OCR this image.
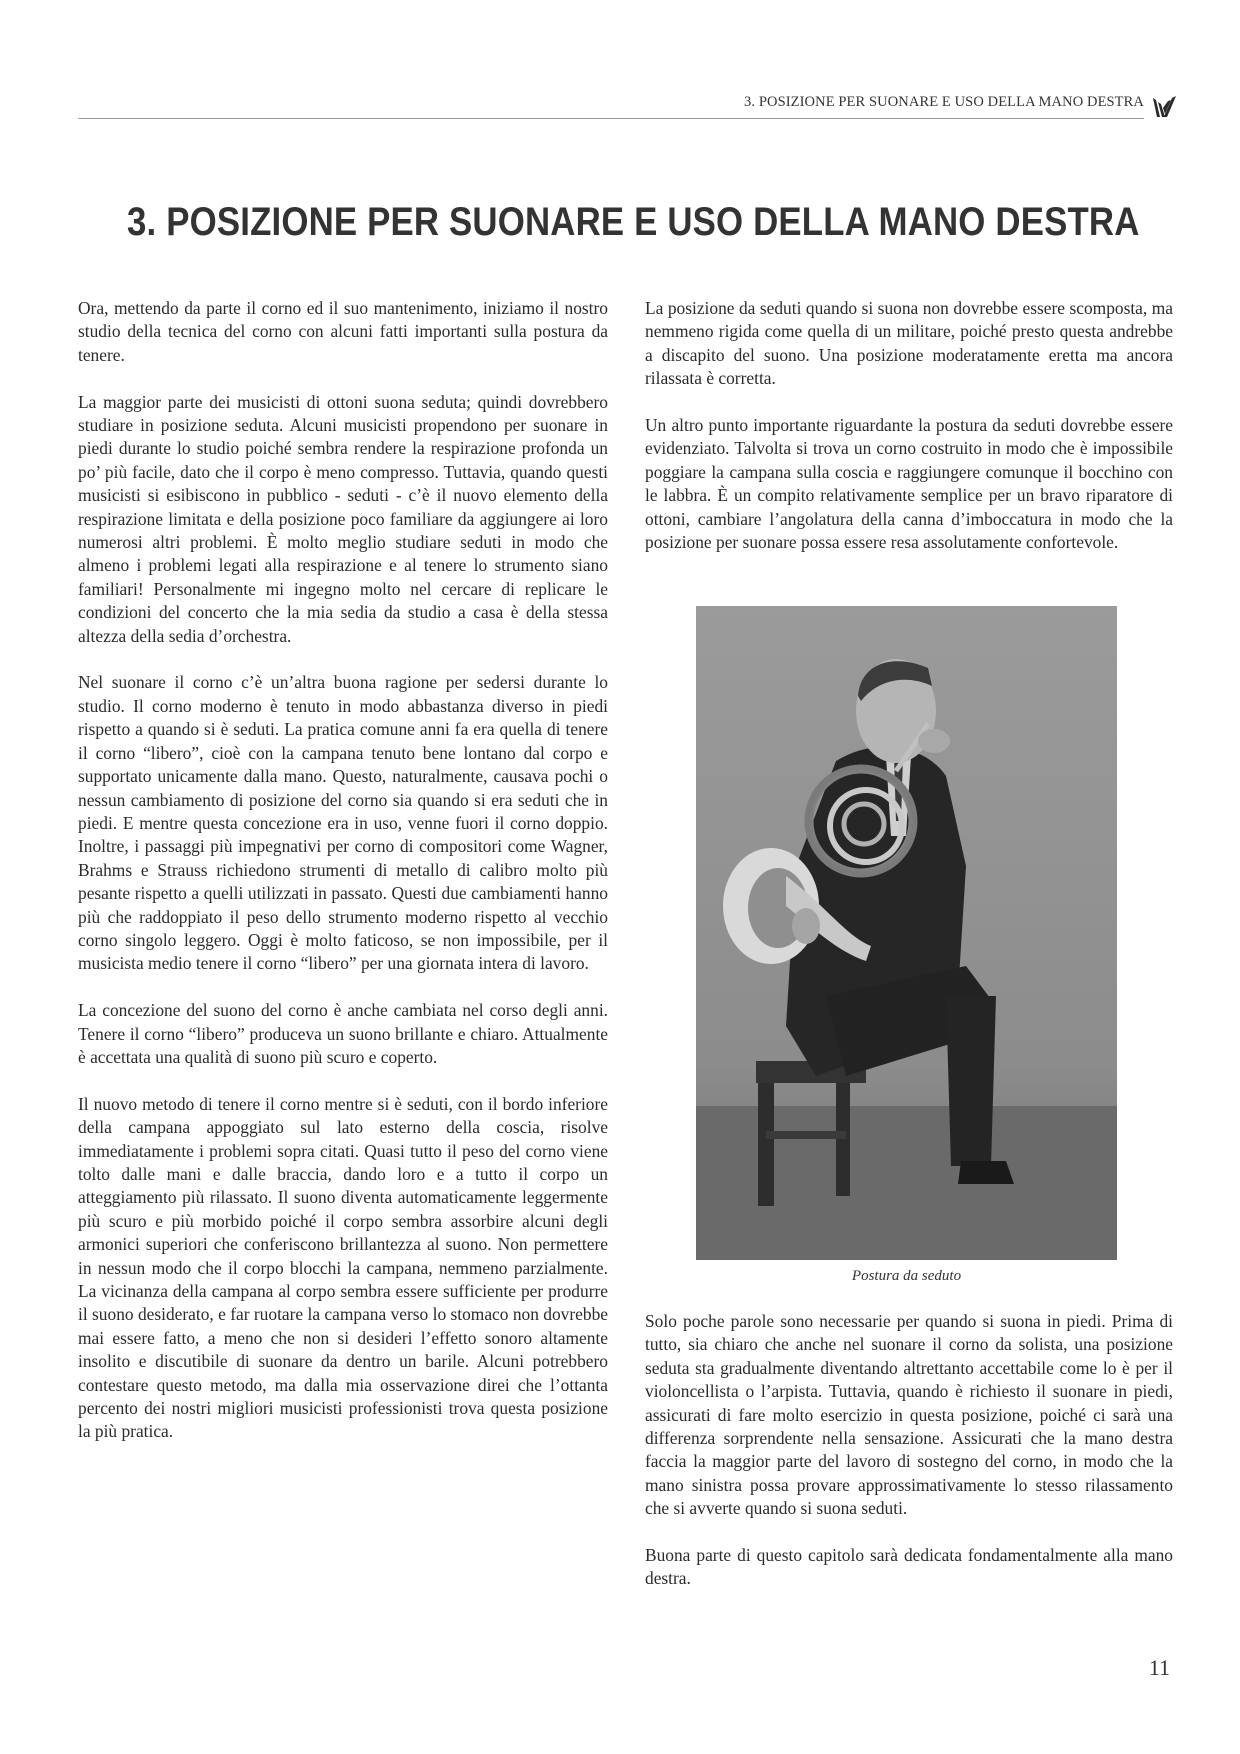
3. POSIZIONE PER SUONARE E USO DELLA MANO DESTRA
3. POSIZIONE PER SUONARE E USO DELLA MANO DESTRA

Ora, mettendo da parte il corno ed il suo mantenimento, iniziamo il nostro studio della tecnica del corno con alcuni fatti importanti sulla postura da tenere.

La maggior parte dei musicisti di ottoni suona seduta; quindi dovrebbero studiare in posizione seduta. Alcuni musicisti propendono per suonare in piedi durante lo studio poiché sembra rendere la respirazione profonda un po’ più facile, dato che il corpo è meno compresso. Tuttavia, quando questi musicisti si esibiscono in pubblico - seduti - c’è il nuovo elemento della respirazione limitata e della posizione poco familiare da aggiungere ai loro numerosi altri problemi. È molto meglio studiare seduti in modo che almeno i problemi legati alla respirazione e al tenere lo strumento siano familiari! Personalmente mi ingegno molto nel cercare di replicare le condizioni del concerto che la mia sedia da studio a casa è della stessa altezza della sedia d’orchestra.

Nel suonare il corno c’è un’altra buona ragione per sedersi durante lo studio. Il corno moderno è tenuto in modo abbastanza diverso in piedi rispetto a quando si è seduti. La pratica comune anni fa era quella di tenere il corno “libero”, cioè con la campana tenuto bene lontano dal corpo e supportato unicamente dalla mano. Questo, naturalmente, causava pochi o nessun cambiamento di posizione del corno sia quando si era seduti che in piedi. E mentre questa concezione era in uso, venne fuori il corno doppio. Inoltre, i passaggi più impegnativi per corno di compositori come Wagner, Brahms e Strauss richiedono strumenti di metallo di calibro molto più pesante rispetto a quelli utilizzati in passato. Questi due cambiamenti hanno più che raddoppiato il peso dello strumento moderno rispetto al vecchio corno singolo leggero. Oggi è molto faticoso, se non impossibile, per il musicista medio tenere il corno “libero” per una giornata intera di lavoro.

La concezione del suono del corno è anche cambiata nel corso degli anni. Tenere il corno “libero” produceva un suono brillante e chiaro. Attualmente è accettata una qualità di suono più scuro e coperto.

Il nuovo metodo di tenere il corno mentre si è seduti, con il bordo inferiore della campana appoggiato sul lato esterno della coscia, risolve immediatamente i problemi sopra citati. Quasi tutto il peso del corno viene tolto dalle mani e dalle braccia, dando loro e a tutto il corpo un atteggiamento più rilassato. Il suono diventa automaticamente leggermente più scuro e più morbido poiché il corpo sembra assorbire alcuni degli armonici superiori che conferiscono brillantezza al suono. Non permettere in nessun modo che il corpo blocchi la campana, nemmeno parzialmente. La vicinanza della campana al corpo sembra essere sufficiente per produrre il suono desiderato, e far ruotare la campana verso lo stomaco non dovrebbe mai essere fatto, a meno che non si desideri l’effetto sonoro altamente insolito e discutibile di suonare da dentro un barile. Alcuni potrebbero contestare questo metodo, ma dalla mia osservazione direi che l’ottanta percento dei nostri migliori musicisti professionisti trova questa posizione la più pratica.

La posizione da seduti quando si suona non dovrebbe essere scomposta, ma nemmeno rigida come quella di un militare, poiché presto questa andrebbe a discapito del suono. Una posizione moderatamente eretta ma ancora rilassata è corretta.

Un altro punto importante riguardante la postura da seduti dovrebbe essere evidenziato. Talvolta si trova un corno costruito in modo che è impossibile poggiare la campana sulla coscia e raggiungere comunque il bocchino con le labbra. È un compito relativamente semplice per un bravo riparatore di ottoni, cambiare l’angolatura della canna d’imboccatura in modo che la posizione per suonare possa essere resa assolutamente confortevole.

Postura da seduto

Solo poche parole sono necessarie per quando si suona in piedi. Prima di tutto, sia chiaro che anche nel suonare il corno da solista, una posizione seduta sta gradualmente diventando altrettanto accettabile come lo è per il violoncellista o l’arpista. Tuttavia, quando è richiesto il suonare in piedi, assicurati di fare molto esercizio in questa posizione, poiché ci sarà una differenza sorprendente nella sensazione. Assicurati che la mano destra faccia la maggior parte del lavoro di sostegno del corno, in modo che la mano sinistra possa provare approssimativamente lo stesso rilassamento che si avverte quando si suona seduti.

Buona parte di questo capitolo sarà dedicata fondamentalmente alla mano destra.

11
